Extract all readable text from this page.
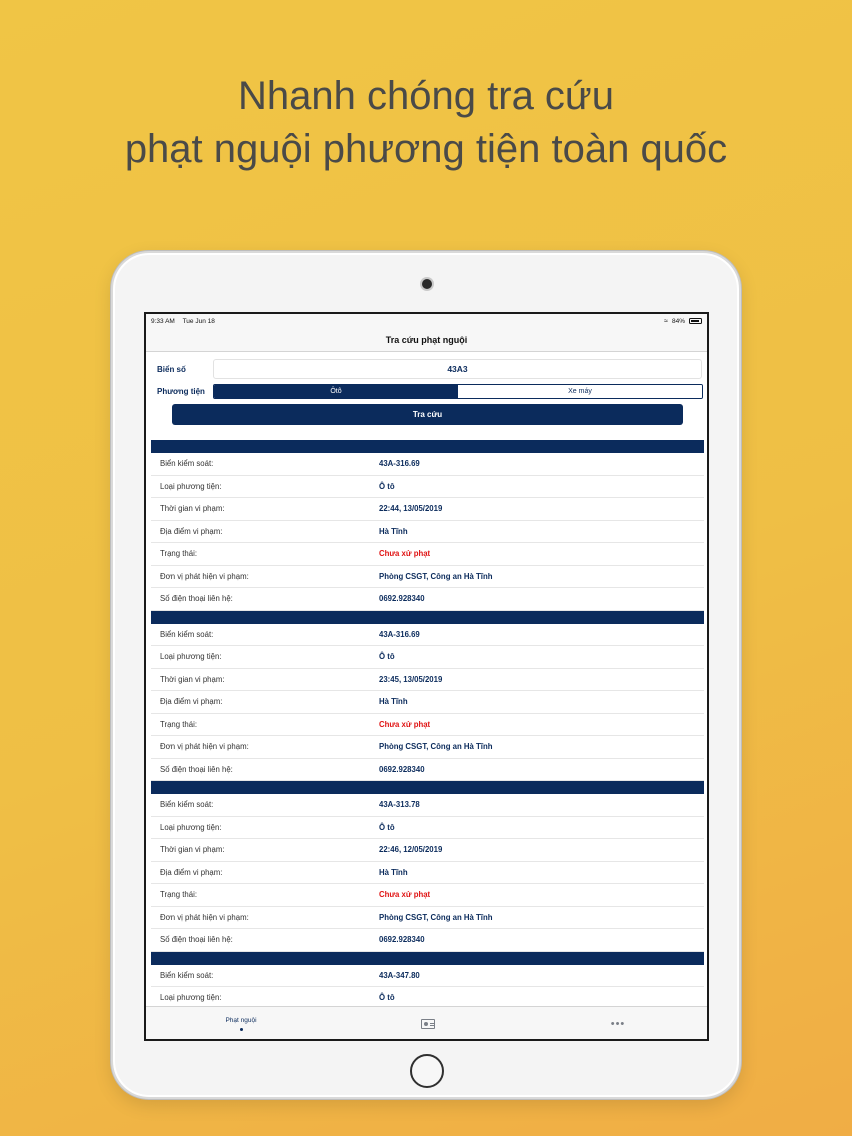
Nhanh chóng tra cứu
phạt nguội phương tiện toàn quốc
9:33 AM Tue Jun 18	≈ 84%
Tra cứu phạt nguội
Biển số	43A3
Phương tiện	Ôtô	Xe máy
Tra cứu
Biển kiểm soát:	43A-316.69
Loại phương tiện:	Ô tô
Thời gian vi phạm:	22:44, 13/05/2019
Địa điểm vi phạm:	Hà Tĩnh
Trạng thái:	Chưa xử phạt
Đơn vị phát hiện vi phạm:	Phòng CSGT, Công an Hà Tĩnh
Số điện thoại liên hệ:	0692.928340
Biển kiểm soát:	43A-316.69
Loại phương tiện:	Ô tô
Thời gian vi phạm:	23:45, 13/05/2019
Địa điểm vi phạm:	Hà Tĩnh
Trạng thái:	Chưa xử phạt
Đơn vị phát hiện vi phạm:	Phòng CSGT, Công an Hà Tĩnh
Số điện thoại liên hệ:	0692.928340
Biển kiểm soát:	43A-313.78
Loại phương tiện:	Ô tô
Thời gian vi phạm:	22:46, 12/05/2019
Địa điểm vi phạm:	Hà Tĩnh
Trạng thái:	Chưa xử phạt
Đơn vị phát hiện vi phạm:	Phòng CSGT, Công an Hà Tĩnh
Số điện thoại liên hệ:	0692.928340
Biển kiểm soát:	43A-347.80
Loại phương tiện:	Ô tô
Phạt nguội	•••
